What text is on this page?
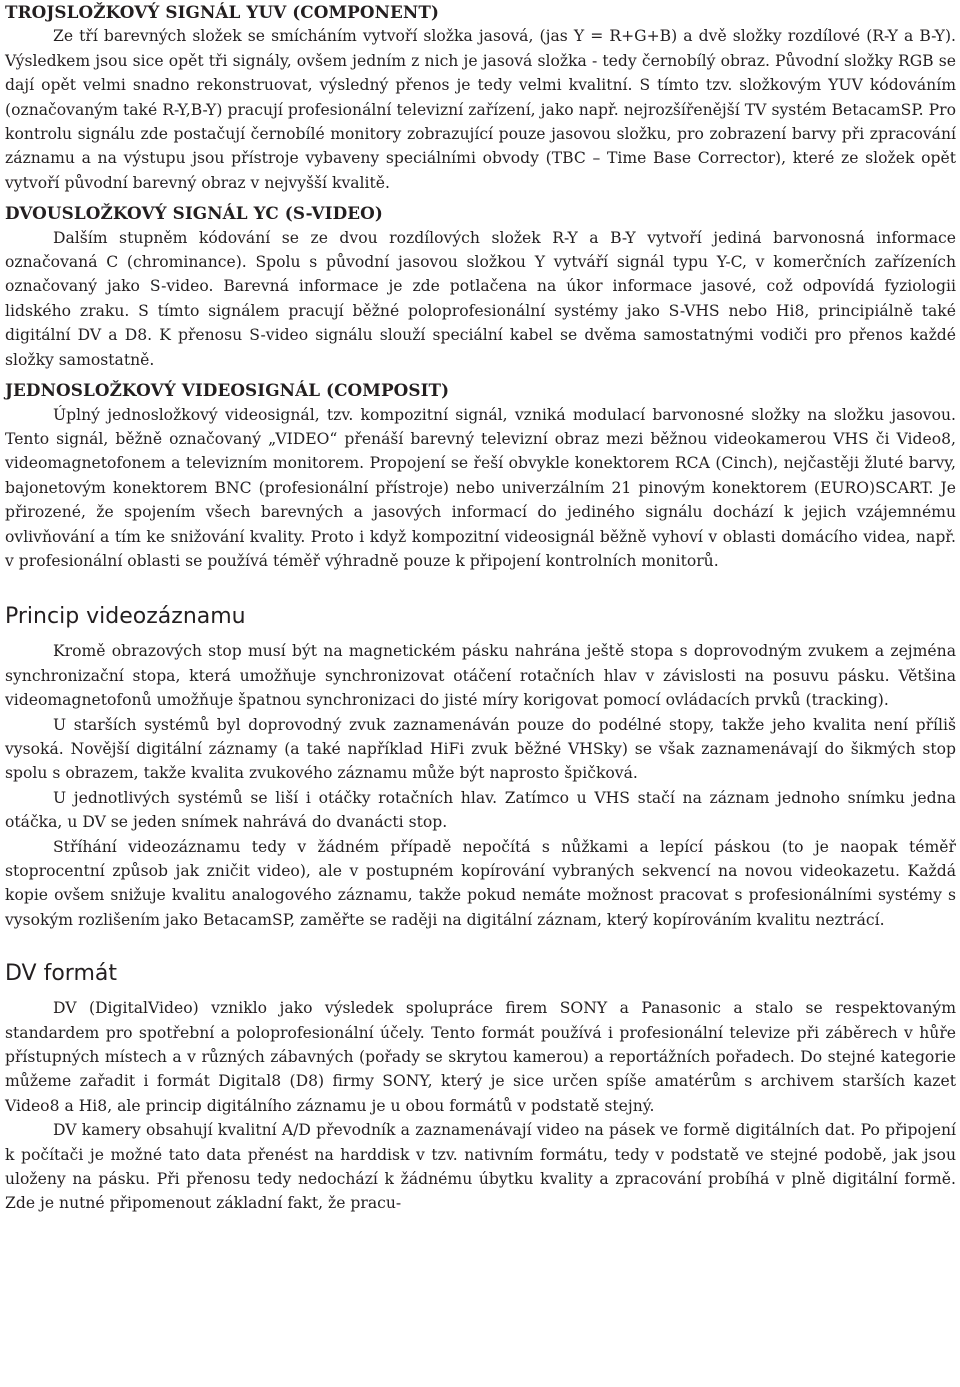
TROJSLOŽKOVÝ SIGNÁL YUV (COMPONENT)

Ze tří barevných složek se smícháním vytvoří složka jasová, (jas Y = R+G+B) a dvě složky rozdílové (R-Y a B-Y). Výsledkem jsou sice opět tři signály, ovšem jedním z nich je jasová složka - tedy černobílý obraz. Původní složky RGB se dají opět velmi snadno rekonstruovat, výsledný přenos je tedy velmi kvalitní. S tímto tzv. složkovým YUV kódováním (označovaným také R-Y,B-Y) pracují profesionální televizní zařízení, jako např. nejrozšířenější TV systém BetacamSP. Pro kontrolu signálu zde postačují černobílé monitory zobrazující pouze jasovou složku, pro zobrazení barvy při zpracování záznamu a na výstupu jsou přístroje vybaveny speciálními obvody (TBC – Time Base Corrector), které ze složek opět vytvoří původní barevný obraz v nejvyšší kvalitě.

DVOUSLOŽKOVÝ SIGNÁL YC (S-VIDEO)

Dalším stupněm kódování se ze dvou rozdílových složek R-Y a B-Y vytvoří jediná barvonosná informace označovaná C (chrominance). Spolu s původní jasovou složkou Y vytváří signál typu Y-C, v komerčních zařízeních označovaný jako S-video. Barevná informace je zde potlačena na úkor informace jasové, což odpovídá fyziologii lidského zraku. S tímto signálem pracují běžné poloprofesionální systémy jako S-VHS nebo Hi8, principiálně také digitální DV a D8. K přenosu S-video signálu slouží speciální kabel se dvěma samostatnými vodiči pro přenos každé složky samostatně.

JEDNOSLOŽKOVÝ VIDEOSIGNÁL (COMPOSIT)

Úplný jednosložkový videosignál, tzv. kompozitní signál, vzniká modulací barvonosné složky na složku jasovou. Tento signál, běžně označovaný „VIDEO“ přenáší barevný televizní obraz mezi běžnou videokamerou VHS či Video8, videomagnetofonem a televizním monitorem. Propojení se řeší obvykle konektorem RCA (Cinch), nejčastěji žluté barvy, bajonetovým konektorem BNC (profesionální přístroje) nebo univerzálním 21 pinovým konektorem (EURO)SCART. Je přirozené, že spojením všech barevných a jasových informací do jediného signálu dochází k jejich vzájemnému ovlivňování a tím ke snižování kvality. Proto i když kompozitní videosignál běžně vyhoví v oblasti domácího videa, např. v profesionální oblasti se používá téměř výhradně pouze k připojení kontrolních monitorů.

Princip videozáznamu

Kromě obrazových stop musí být na magnetickém pásku nahrána ještě stopa s doprovodným zvukem a zejména synchronizační stopa, která umožňuje synchronizovat otáčení rotačních hlav v závislosti na posuvu pásku. Většina videomagnetofonů umožňuje špatnou synchronizaci do jisté míry korigovat pomocí ovládacích prvků (tracking).

U starších systémů byl doprovodný zvuk zaznamenáván pouze do podélné stopy, takže jeho kvalita není příliš vysoká. Novější digitální záznamy (a také například HiFi zvuk běžné VHSky) se však zaznamenávají do šikmých stop spolu s obrazem, takže kvalita zvukového záznamu může být naprosto špičková.

U jednotlivých systémů se liší i otáčky rotačních hlav. Zatímco u VHS stačí na záznam jednoho snímku jedna otáčka, u DV se jeden snímek nahrává do dvanácti stop.

Stříhání videozáznamu tedy v žádném případě nepočítá s nůžkami a lepící páskou (to je naopak téměř stoprocentní způsob jak zničit video), ale v postupném kopírování vybraných sekvencí na novou videokazetu. Každá kopie ovšem snižuje kvalitu analogového záznamu, takže pokud nemáte možnost pracovat s profesionálními systémy s vysokým rozlišením jako BetacamSP, zaměřte se raději na digitální záznam, který kopírováním kvalitu neztrácí.

DV formát

DV (DigitalVideo) vzniklo jako výsledek spolupráce firem SONY a Panasonic a stalo se respektovaným standardem pro spotřební a poloprofesionální účely. Tento formát používá i profesionální televize při záběrech v hůře přístupných místech a v různých zábavných (pořady se skrytou kamerou) a reportážních pořadech. Do stejné kategorie můžeme zařadit i formát Digital8 (D8) firmy SONY, který je sice určen spíše amatérům s archivem starších kazet Video8 a Hi8, ale princip digitálního záznamu je u obou formátů v podstatě stejný.

DV kamery obsahují kvalitní A/D převodník a zaznamenávají video na pásek ve formě digitálních dat. Po připojení k počítači je možné tato data přenést na harddisk v tzv. nativním formátu, tedy v podstatě ve stejné podobě, jak jsou uloženy na pásku. Při přenosu tedy nedochází k žádnému úbytku kvality a zpracování probíhá v plně digitální formě. Zde je nutné připomenout základní fakt, že pracu-
